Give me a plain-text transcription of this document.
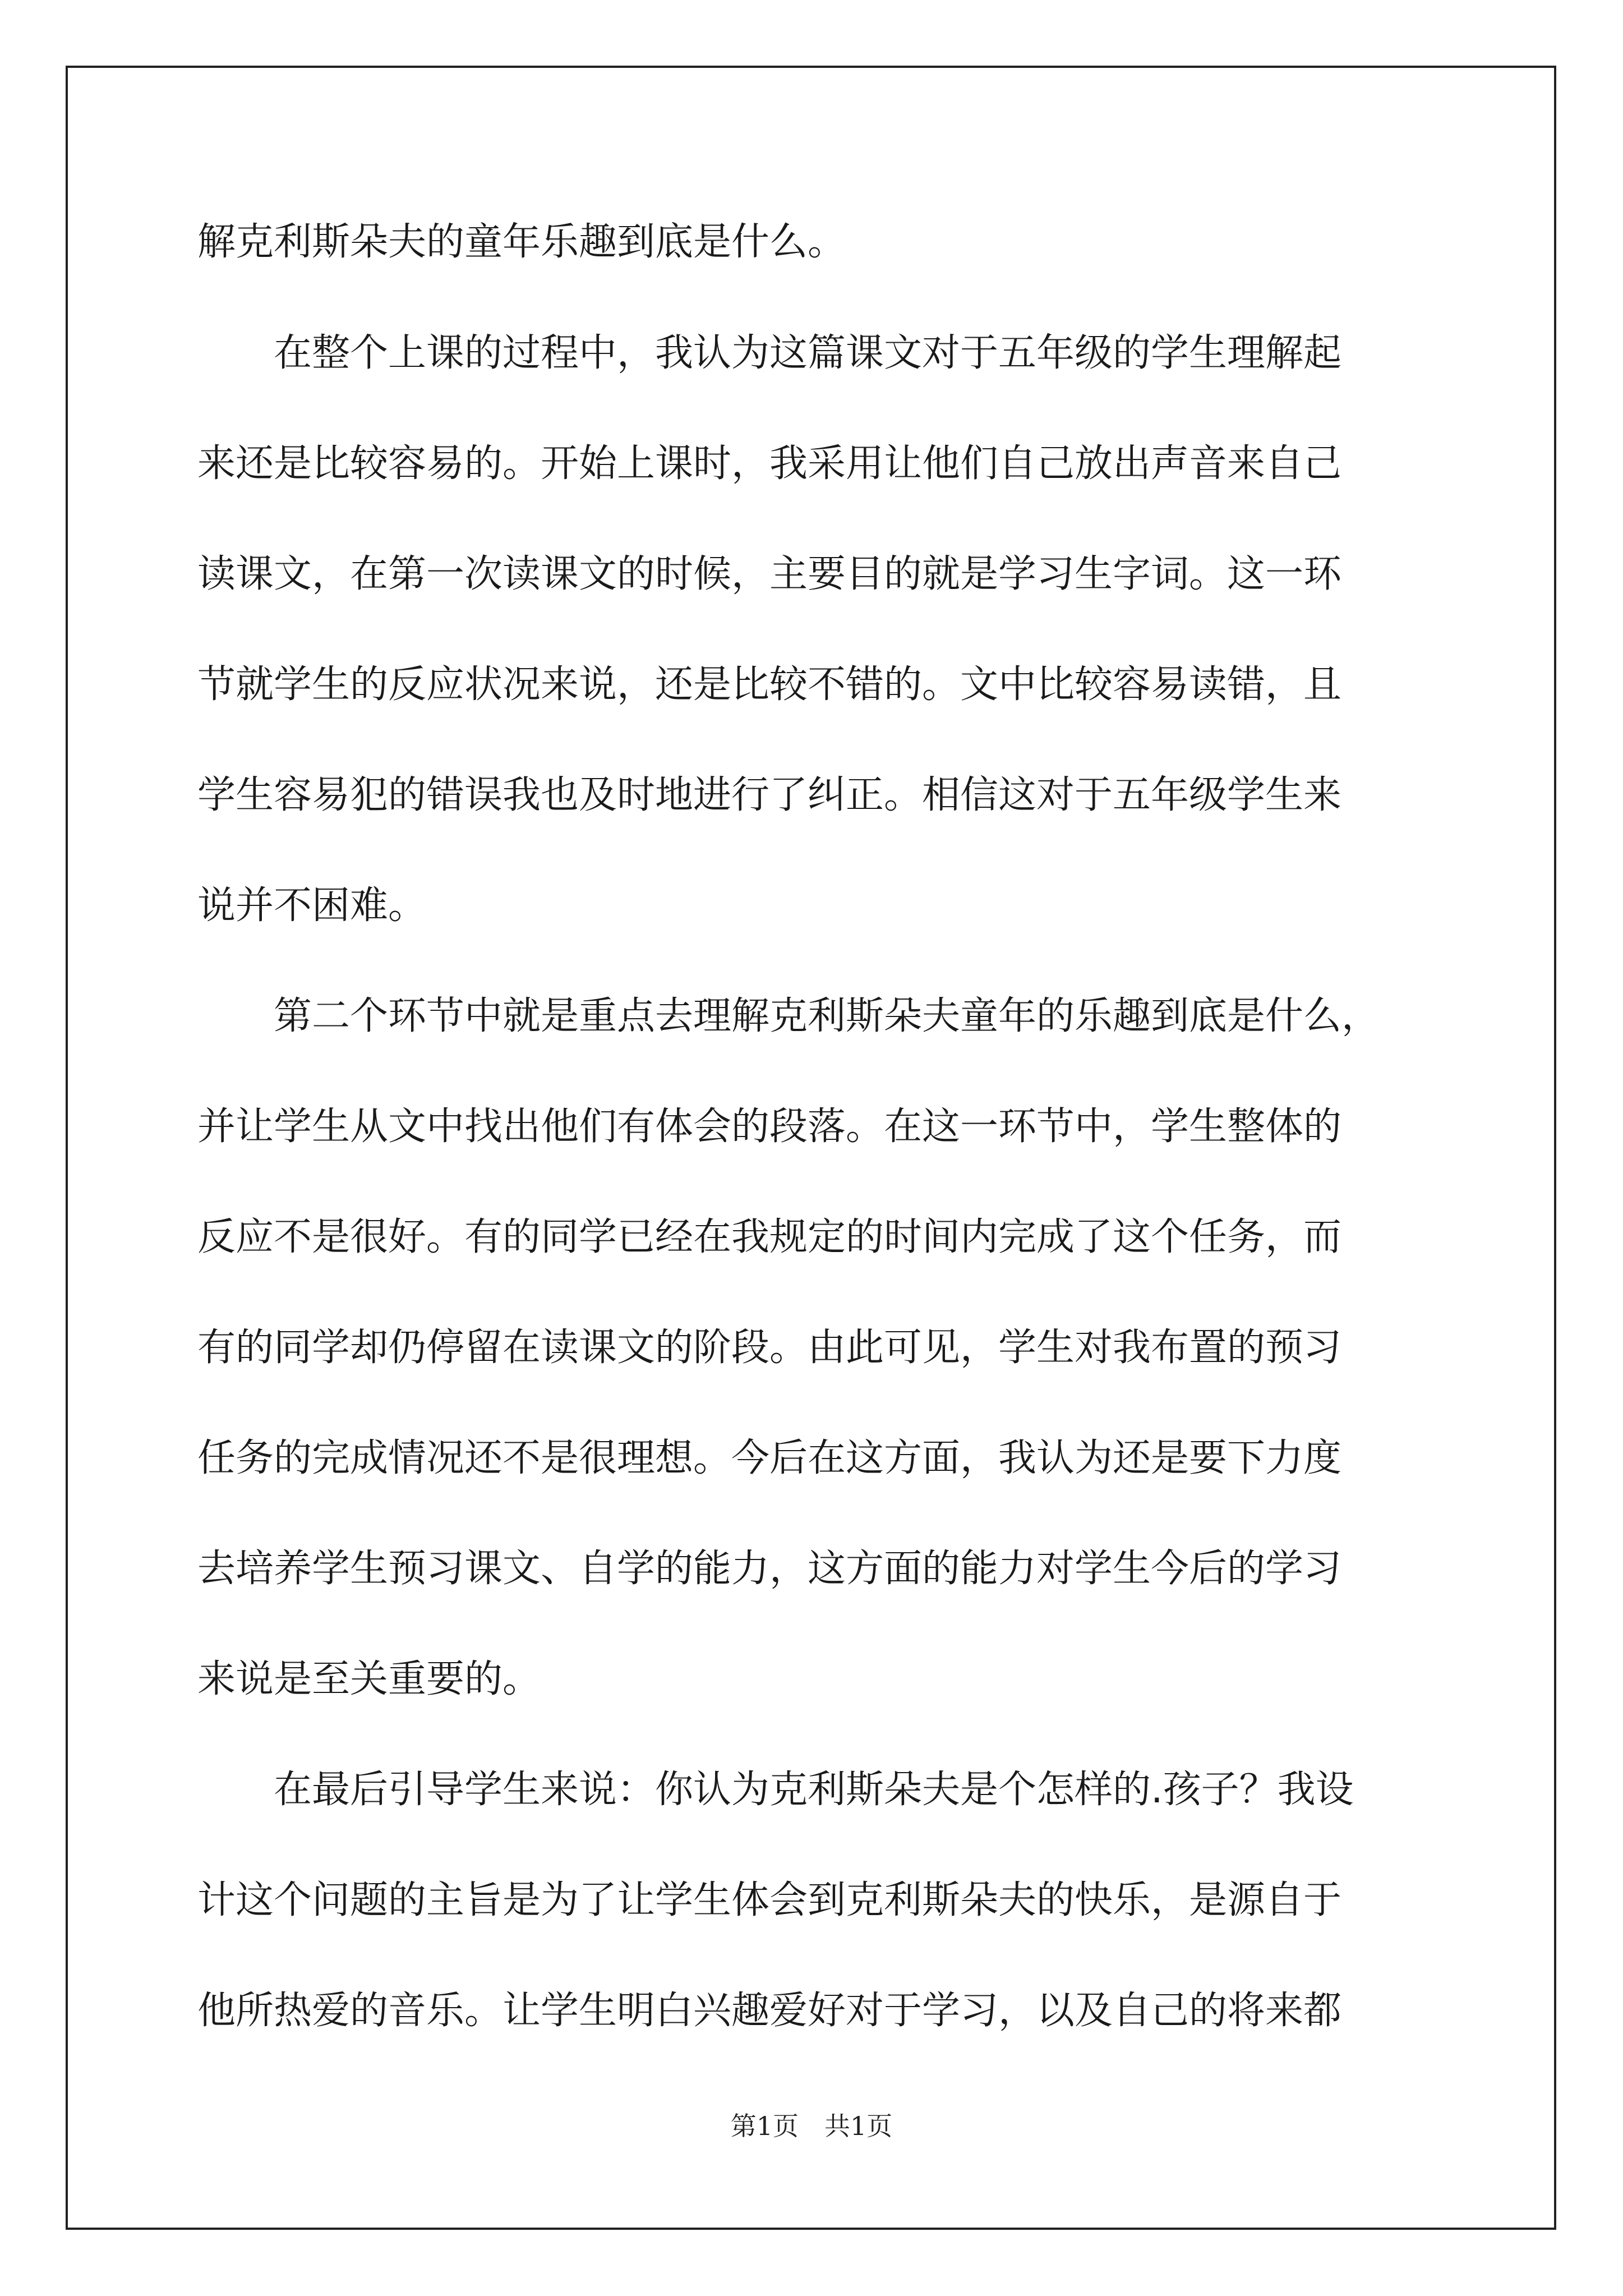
解克利斯朵夫的童年乐趣到底是什么。

　　在整个上课的过程中，我认为这篇课文对于五年级的学生理解起

来还是比较容易的。开始上课时，我采用让他们自己放出声音来自己

读课文，在第一次读课文的时候，主要目的就是学习生字词。这一环

节就学生的反应状况来说，还是比较不错的。文中比较容易读错，且

学生容易犯的错误我也及时地进行了纠正。相信这对于五年级学生来

说并不困难。

　　第二个环节中就是重点去理解克利斯朵夫童年的乐趣到底是什么，

并让学生从文中找出他们有体会的段落。在这一环节中，学生整体的

反应不是很好。有的同学已经在我规定的时间内完成了这个任务，而

有的同学却仍停留在读课文的阶段。由此可见，学生对我布置的预习

任务的完成情况还不是很理想。今后在这方面，我认为还是要下力度

去培养学生预习课文、自学的能力，这方面的能力对学生今后的学习

来说是至关重要的。

　　在最后引导学生来说：你认为克利斯朵夫是个怎样的.孩子？我设

计这个问题的主旨是为了让学生体会到克利斯朵夫的快乐，是源自于

他所热爱的音乐。让学生明白兴趣爱好对于学习，以及自己的将来都

第1页　共1页
